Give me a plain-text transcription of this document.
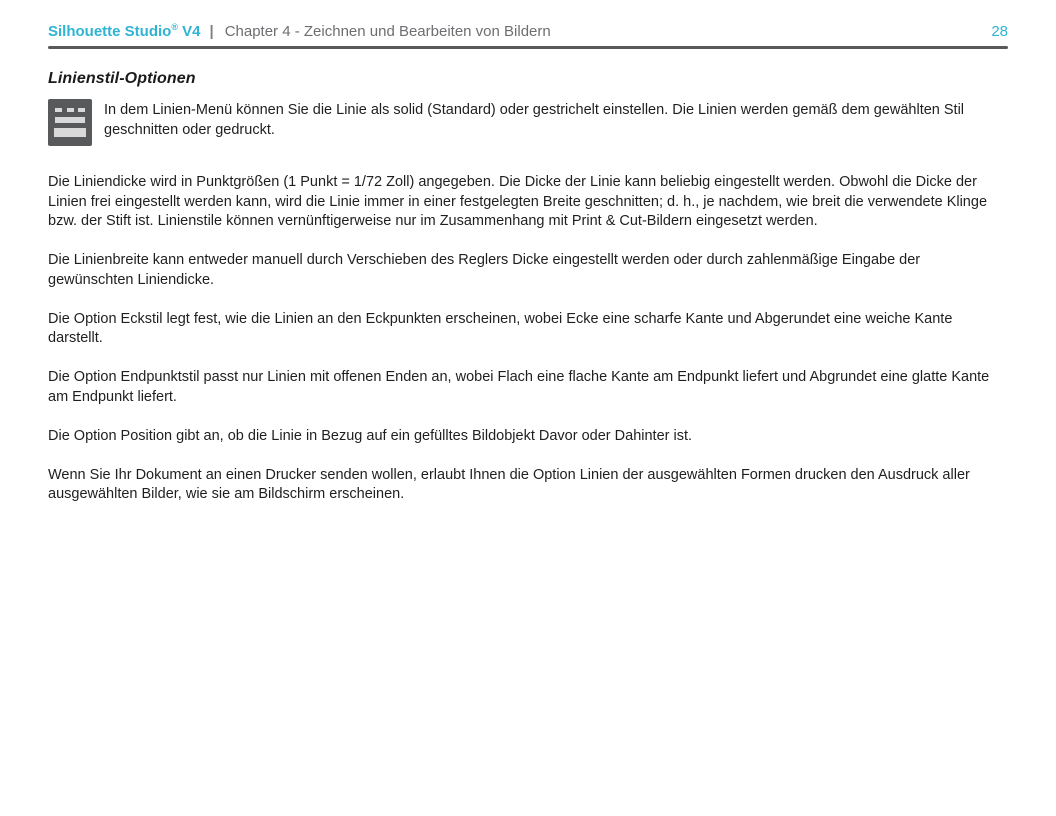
Silhouette Studio® V4 | Chapter 4 - Zeichnen und Bearbeiten von Bildern	28
Linienstil-Optionen

In dem Linien-Menü können Sie die Linie als solid (Standard) oder gestrichelt einstellen. Die Linien werden gemäß dem gewählten Stil geschnitten oder gedruckt.

Die Liniendicke wird in Punktgrößen (1 Punkt = 1/72 Zoll) angegeben. Die Dicke der Linie kann beliebig eingestellt werden. Obwohl die Dicke der Linien frei eingestellt werden kann, wird die Linie immer in einer festgelegten Breite geschnitten; d. h., je nachdem, wie breit die verwendete Klinge bzw. der Stift ist. Linienstile können vernünftigerweise nur im Zusammenhang mit Print & Cut-Bildern eingesetzt werden.

Die Linienbreite kann entweder manuell durch Verschieben des Reglers Dicke eingestellt werden oder durch zahlenmäßige Eingabe der gewünschten Liniendicke.

Die Option Eckstil legt fest, wie die Linien an den Eckpunkten erscheinen, wobei Ecke eine scharfe Kante und Abgerundet eine weiche Kante darstellt.

Die Option Endpunktstil passt nur Linien mit offenen Enden an, wobei Flach eine flache Kante am Endpunkt liefert und Abgrundet eine glatte Kante am Endpunkt liefert.

Die Option Position gibt an, ob die Linie in Bezug auf ein gefülltes Bildobjekt Davor oder Dahinter ist.

Wenn Sie Ihr Dokument an einen Drucker senden wollen, erlaubt Ihnen die Option Linien der ausgewählten Formen drucken den Ausdruck aller ausgewählten Bilder, wie sie am Bildschirm erscheinen.
